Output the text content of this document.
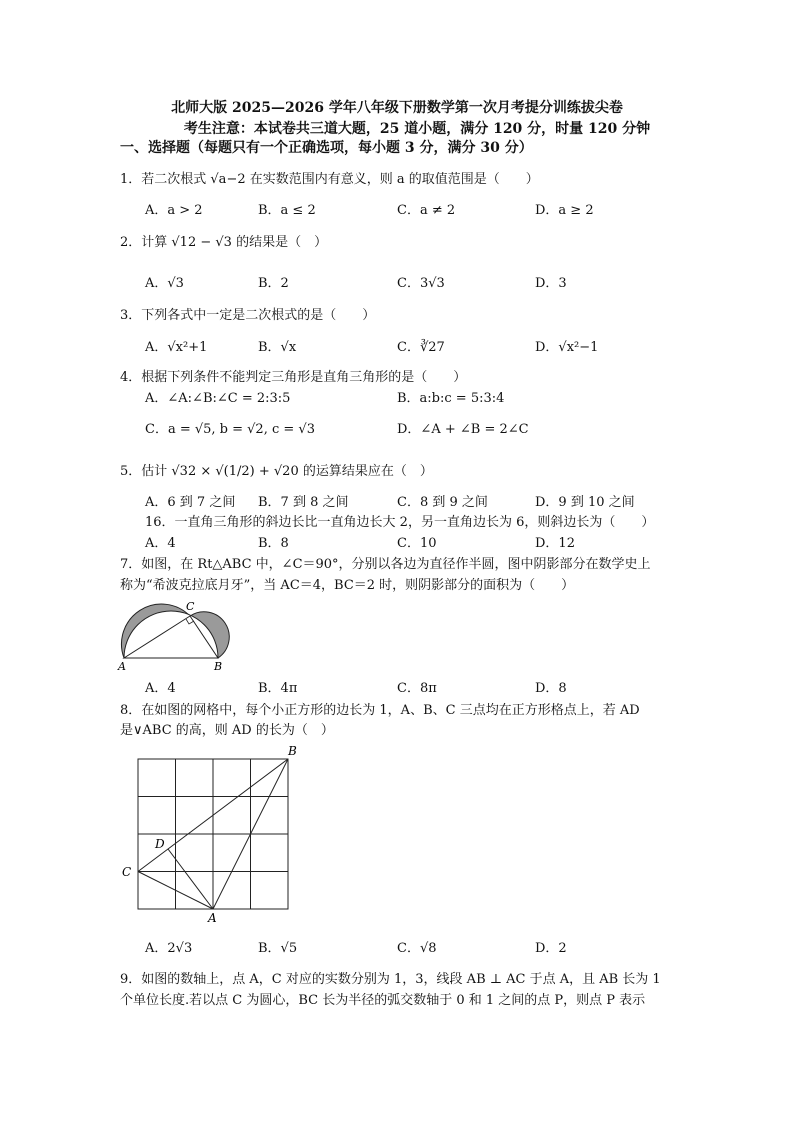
北师大版 2025—2026 学年八年级下册数学第一次月考提分训练拔尖卷
考生注意：本试卷共三道大题，25 道小题，满分 120 分，时量 120 分钟
一、选择题（每题只有一个正确选项，每小题 3 分，满分 30 分）
1．若二次根式 √a−2 在实数范围内有意义，则 a 的取值范围是（　　）
A．a > 2	B．a ≤ 2	C．a ≠ 2	D．a ≥ 2
2．计算 √12 − √3 的结果是（　）
A．√3	B．2	C．3√3	D．3
3．下列各式中一定是二次根式的是（　　）
A．√x²+1	B．√x	C．∛27	D．√x²−1
4．根据下列条件不能判定三角形是直角三角形的是（　　）
A．∠A:∠B:∠C = 2:3:5	B．a:b:c = 5:3:4
C．a = √5, b = √2, c = √3	D．∠A + ∠B = 2∠C
5．估计 √32 × √(1/2) + √20 的运算结果应在（　）
A．6 到 7 之间 B．7 到 8 之间	C．8 到 9 之间	D．9 到 10 之间
16．一直角三角形的斜边长比一直角边长大 2，另一直角边长为 6，则斜边长为（　　）
A．4	B．8	C．10	D．12
7．如图，在 Rt△ABC 中，∠C＝90°，分别以各边为直径作半圆，图中阴影部分在数学史上
称为“希波克拉底月牙”，当 AC＝4，BC＝2 时，则阴影部分的面积为（　　）
C
A	B
A．4	B．4π	C．8π	D．8
8．在如图的网格中，每个小正方形的边长为 1，A、B、C 三点均在正方形格点上，若 AD
是∨ABC 的高，则 AD 的长为（　）
B
D
C
A
A．2√3	B．√5	C．√8	D．2
9．如图的数轴上，点 A，C 对应的实数分别为 1，3，线段 AB ⊥ AC 于点 A，且 AB 长为 1
个单位长度.若以点 C 为圆心，BC 长为半径的弧交数轴于 0 和 1 之间的点 P，则点 P 表示
